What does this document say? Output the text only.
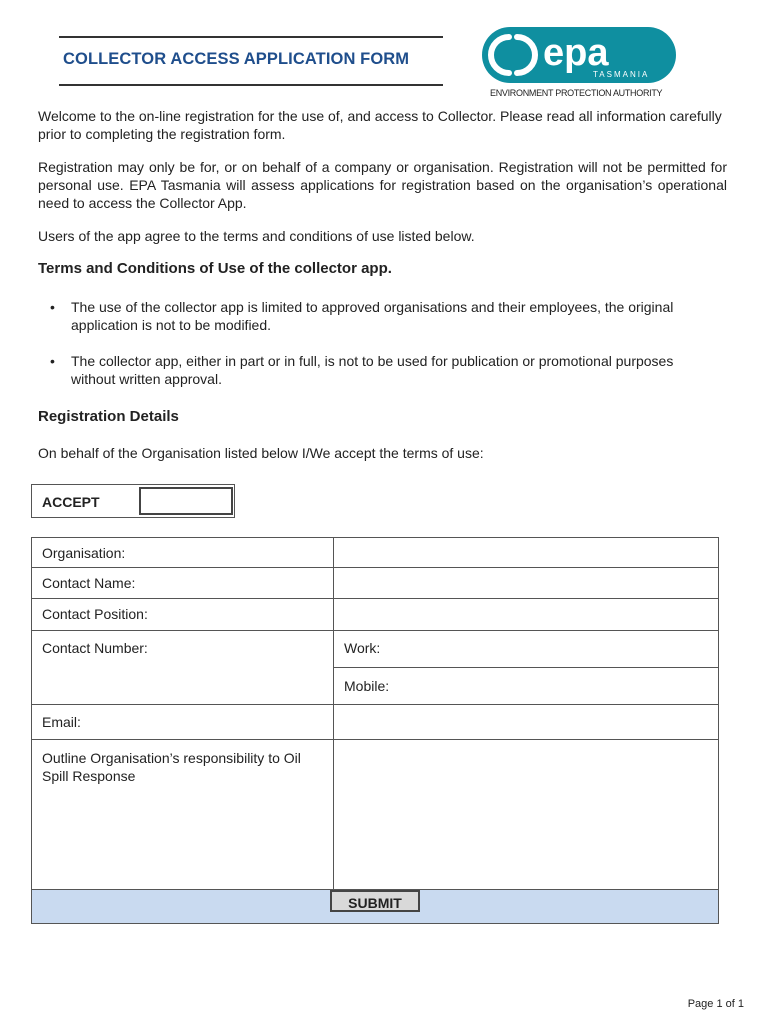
COLLECTOR ACCESS APPLICATION FORM	epa
TASMANIA
ENVIRONMENT PROTECTION AUTHORITY

Welcome to the on-line registration for the use of, and access to Collector. Please read all information carefully prior to completing the registration form.

Registration may only be for, or on behalf of a company or organisation. Registration will not be permitted for personal use. EPA Tasmania will assess applications for registration based on the organisation’s operational need to access the Collector App.

Users of the app agree to the terms and conditions of use listed below.

Terms and Conditions of Use of the collector app.
• The use of the collector app is limited to approved organisations and their employees, the original application is not to be modified.
• The collector app, either in part or in full, is not to be used for publication or promotional purposes without written approval.
Registration Details

On behalf of the Organisation listed below I/We accept the terms of use:

ACCEPT
Organisation:	
Contact Name:	
Contact Position:	
Contact Number:	Work:
	Mobile:
Email:	
Outline Organisation’s responsibility to Oil Spill Response	
SUBMIT	
Page 1 of 1
